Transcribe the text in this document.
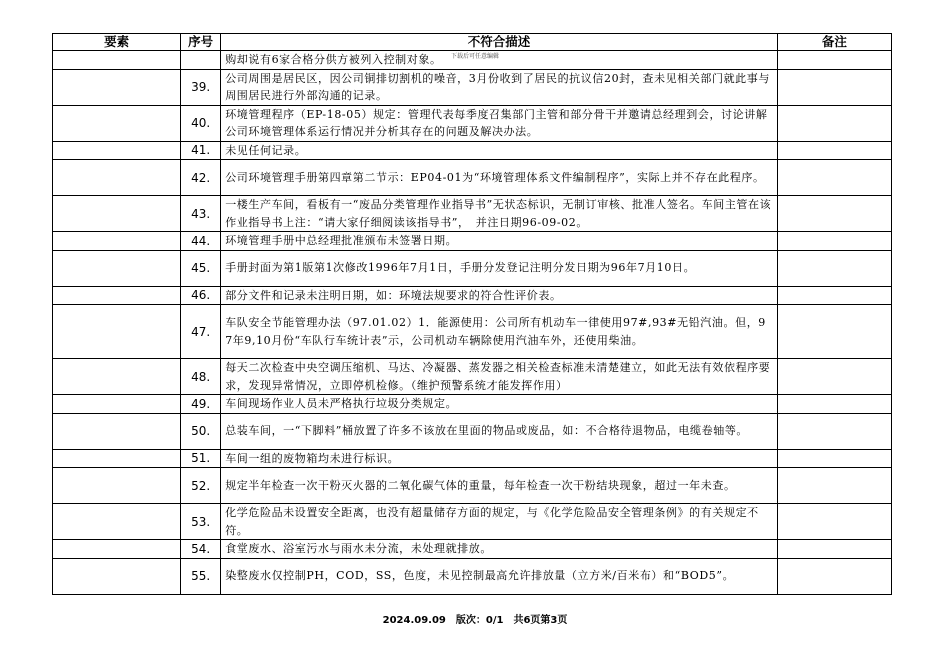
要素	序号	不符合描述	备注
		购却说有6家合格分供方被列入控制对象。	
	39.	公司周围是居民区，因公司铜排切割机的噪音，3月份收到了居民的抗议信20封，查未见相关部门就此事与周围居民进行外部沟通的记录。	
	40.	环境管理程序（EP-18-05）规定：管理代表每季度召集部门主管和部分骨干并邀请总经理到会，讨论讲解公司环境管理体系运行情况并分析其存在的问题及解决办法。	
	41.	未见任何记录。	
	42.	公司环境管理手册第四章第二节示：EP04-01为“环境管理体系文件编制程序”，实际上并不存在此程序。	
	43.	一楼生产车间，看板有一“废品分类管理作业指导书”无状态标识，无制订审核、批准人签名。车间主管在该作业指导书上注：“请大家仔细阅读该指导书”，　并注日期96-09-02。	
	44.	环境管理手册中总经理批准颁布未签署日期。	
	45.	手册封面为第1版第1次修改1996年7月1日，手册分发登记注明分发日期为96年7月10日。	
	46.	部分文件和记录未注明日期，如：环境法规要求的符合性评价表。	
	47.	车队安全节能管理办法（97.01.02）1．能源使用：公司所有机动车一律使用97#,93#无铅汽油。但，97年9,10月份“车队行车统计表”示，公司机动车辆除使用汽油车外，还使用柴油。	
	48.	每天二次检查中央空调压缩机、马达、冷凝器、蒸发器之相关检查标准未清楚建立，如此无法有效依程序要求，发现异常情况，立即停机检修。（维护预警系统才能发挥作用）	
	49.	车间现场作业人员未严格执行垃圾分类规定。	
	50.	总装车间，一“下脚料”桶放置了许多不该放在里面的物品或废品，如：不合格待退物品，电缆卷轴等。	
	51.	车间一组的废物箱均未进行标识。	
	52.	规定半年检查一次干粉灭火器的二氧化碳气体的重量，每年检查一次干粉结块现象，超过一年未查。	
	53.	化学危险品未设置安全距离，也没有超量储存方面的规定，与《化学危险品安全管理条例》的有关规定不符。	
	54.	食堂废水、浴室污水与雨水未分流，未处理就排放。	
	55.	染整废水仅控制PH，COD，SS，色度，未见控制最高允许排放量（立方米/百米布）和“BOD5”。	
下载后可任意编辑
2024.09.09　版次：0/1　共6页第3页
